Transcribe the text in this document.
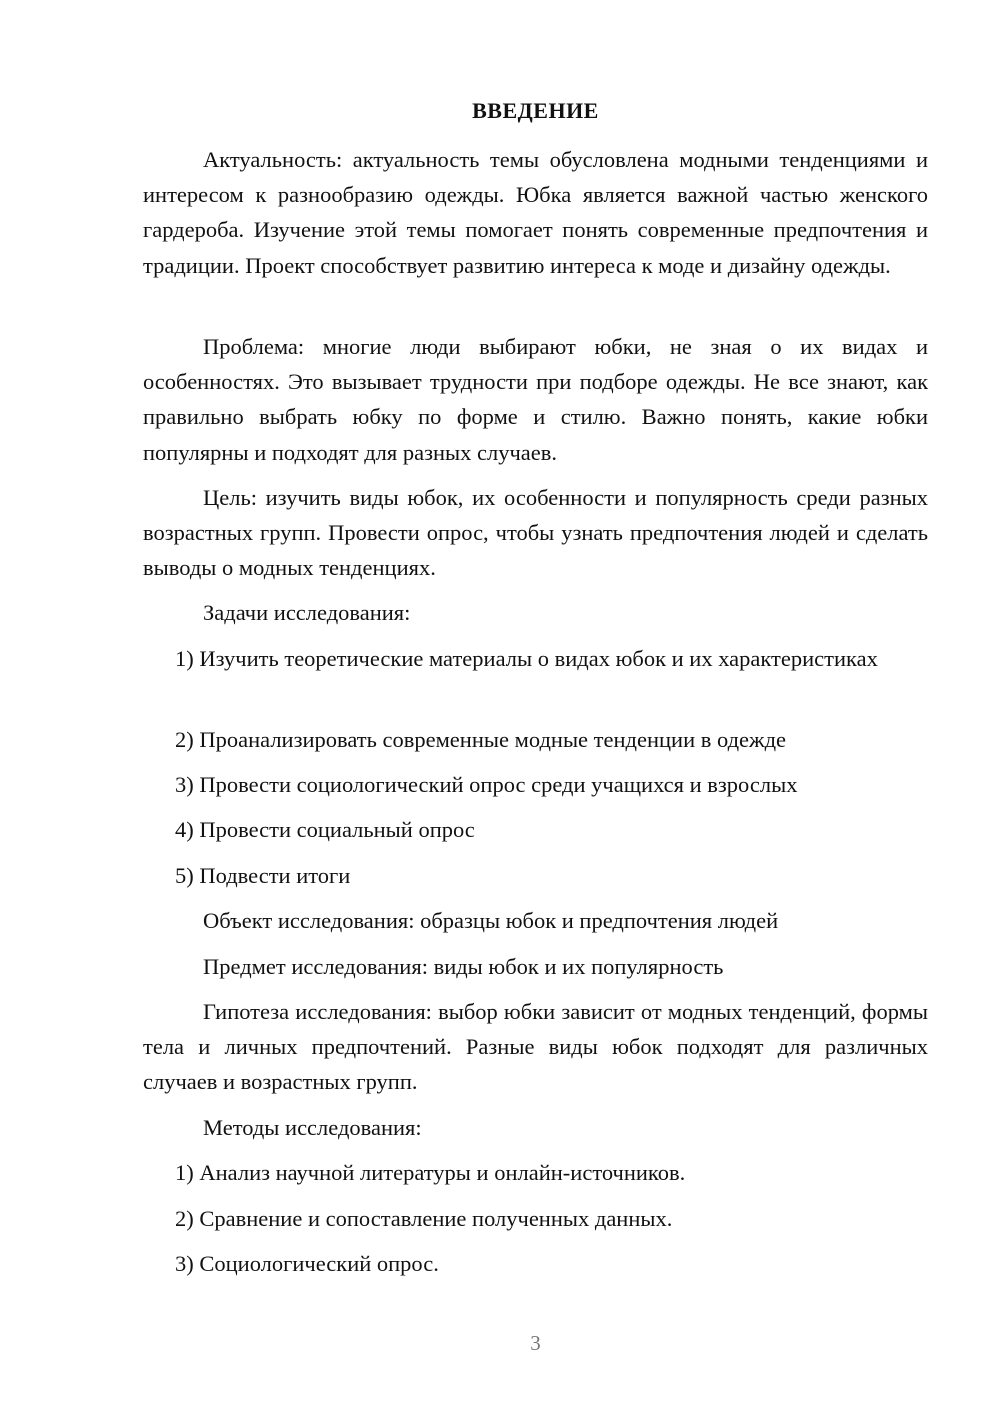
ВВЕДЕНИЕ

Актуальность: актуальность темы обусловлена модными тенденциями и интересом к разнообразию одежды. Юбка является важной частью женского гардероба. Изучение этой темы помогает понять современные предпочтения и традиции. Проект способствует развитию интереса к моде и дизайну одежды.

Проблема: многие люди выбирают юбки, не зная о их видах и особенностях. Это вызывает трудности при подборе одежды. Не все знают, как правильно выбрать юбку по форме и стилю. Важно понять, какие юбки популярны и подходят для разных случаев.

Цель: изучить виды юбок, их особенности и популярность среди разных возрастных групп. Провести опрос, чтобы узнать предпочтения людей и сделать выводы о модных тенденциях.

Задачи исследования:

1) Изучить теоретические материалы о видах юбок и их характеристиках

2) Проанализировать современные модные тенденции в одежде

3) Провести социологический опрос среди учащихся и взрослых

4) Провести социальный опрос

5) Подвести итоги

Объект исследования: образцы юбок и предпочтения людей

Предмет исследования: виды юбок и их популярность

Гипотеза исследования: выбор юбки зависит от модных тенденций, формы тела и личных предпочтений. Разные виды юбок подходят для различных случаев и возрастных групп.

Методы исследования:

1) Анализ научной литературы и онлайн-источников.

2) Сравнение и сопоставление полученных данных.

3) Социологический опрос.

3
